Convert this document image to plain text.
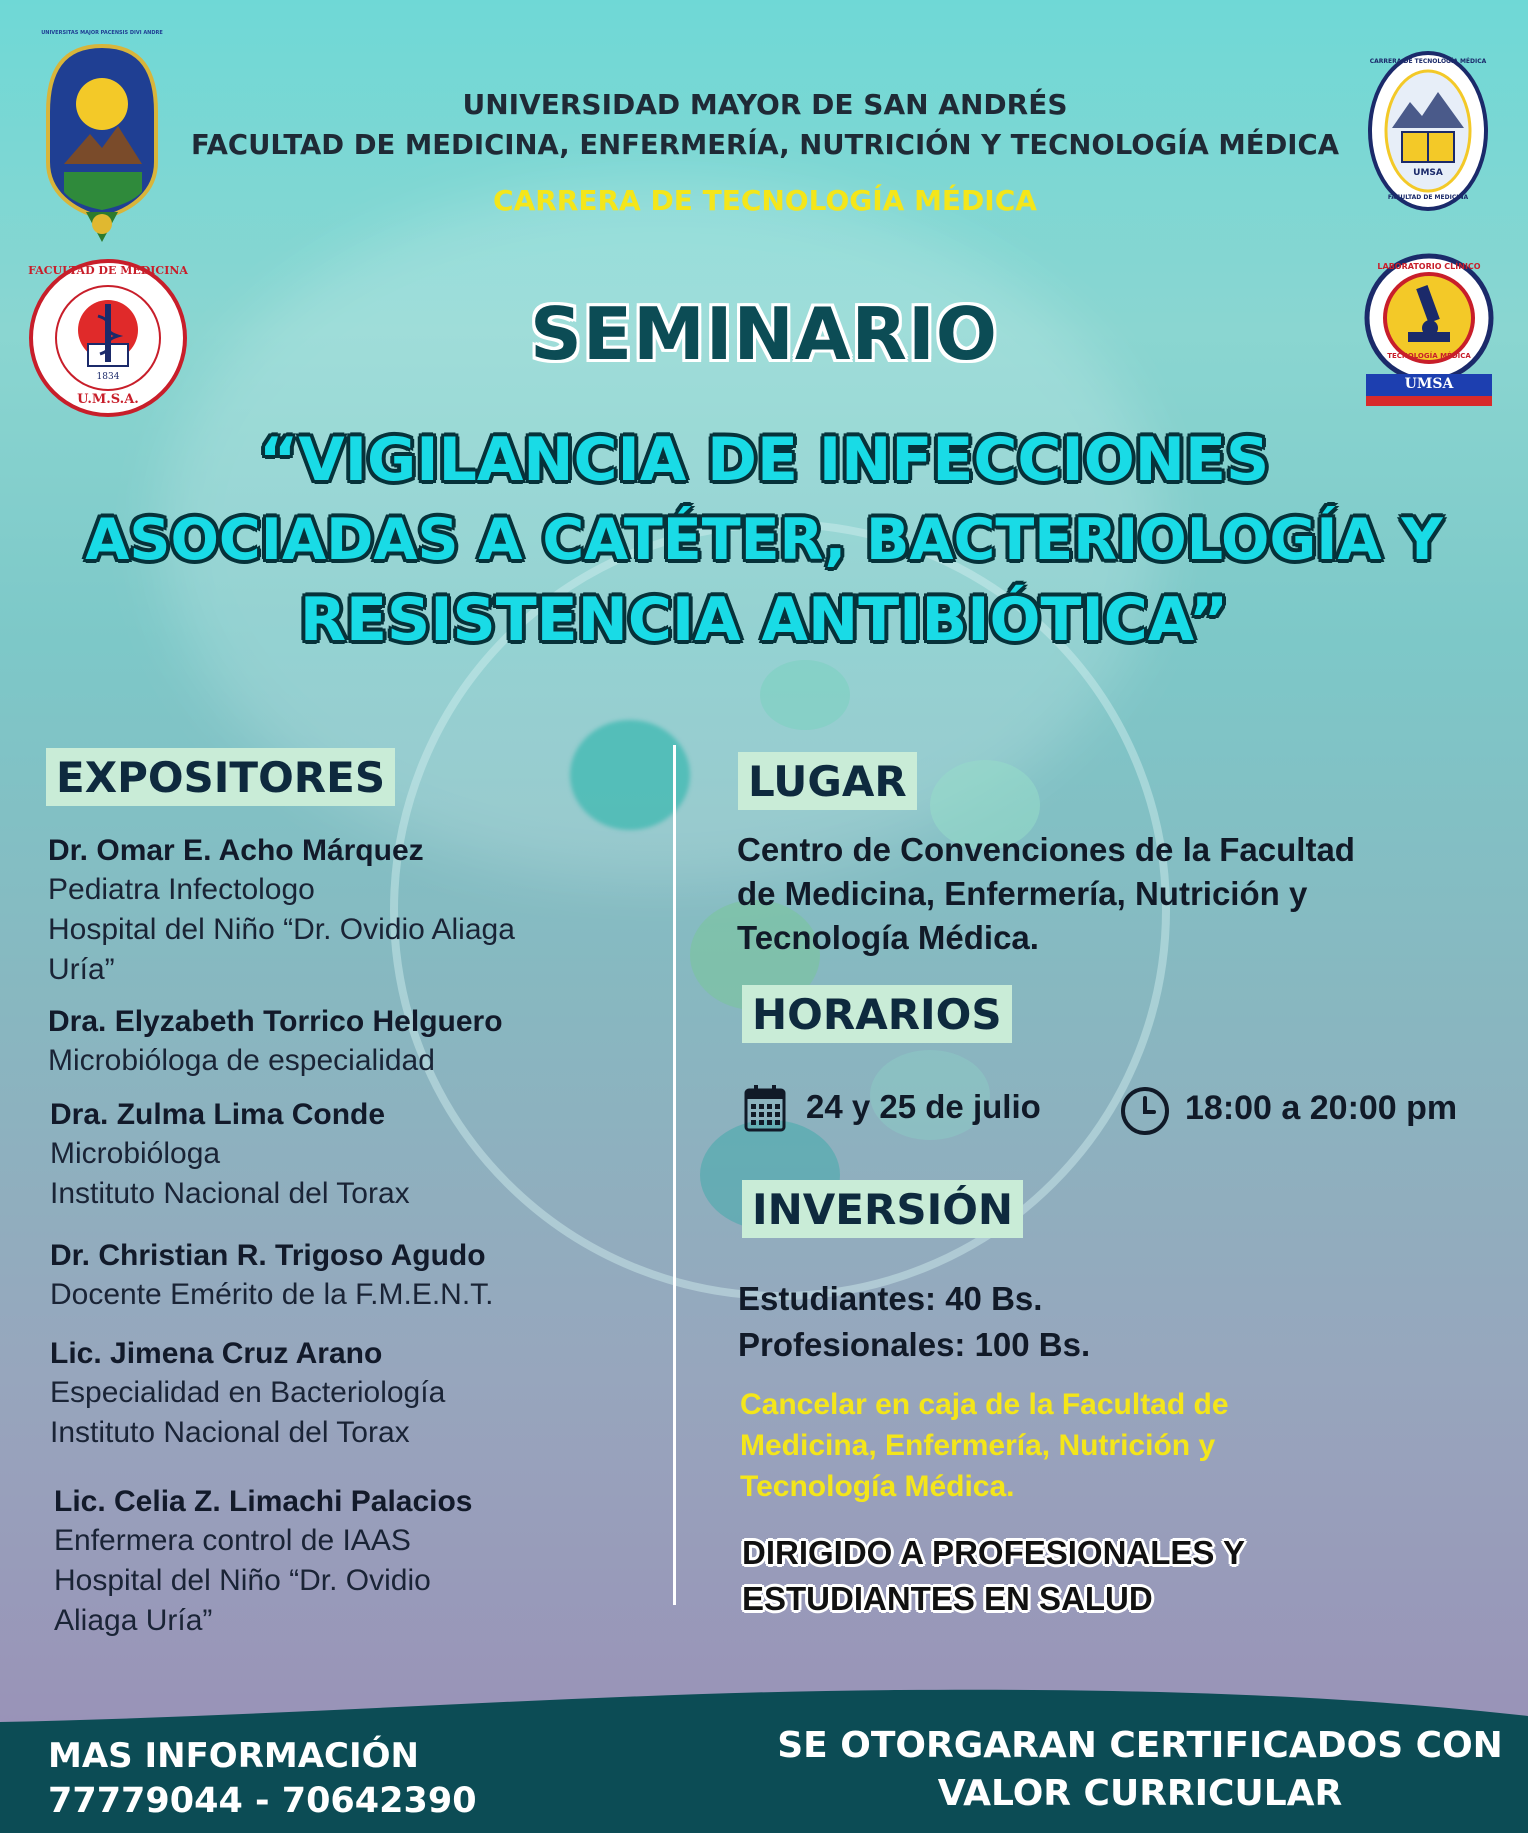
UNIVERSIDAD MAYOR DE SAN ANDRÉS
FACULTAD DE MEDICINA, ENFERMERÍA, NUTRICIÓN Y TECNOLOGÍA MÉDICA
CARRERA DE TECNOLOGÍA MÉDICA
FACULTAD DE MEDICINA
1834
U.M.S.A.
CARRERA DE TECNOLOGÍA MÉDICA
UMSA
FACULTAD DE MEDICINA
LABORATORIO CLÍNICO
TECNOLOGÍA MÉDICA
UMSA
SEMINARIO
“VIGILANCIA DE INFECCIONES
ASOCIADAS A CATÉTER, BACTERIOLOGÍA Y
RESISTENCIA ANTIBIÓTICA”
EXPOSITORES
Dr. Omar E. Acho Márquez
Pediatra Infectologo
Hospital del Niño “Dr. Ovidio Aliaga
Uría”
Dra. Elyzabeth Torrico Helguero
Microbióloga de especialidad
Dra. Zulma Lima Conde
Microbióloga
Instituto Nacional del Torax
Dr. Christian R. Trigoso Agudo
Docente Emérito de la F.M.E.N.T.
Lic. Jimena Cruz Arano
Especialidad en Bacteriología
Instituto Nacional del Torax
Lic. Celia Z. Limachi Palacios
Enfermera control de IAAS
Hospital del Niño “Dr. Ovidio
Aliaga Uría”
LUGAR
Centro de Convenciones de la Facultad
de Medicina, Enfermería, Nutrición y
Tecnología Médica.
HORARIOS
24 y 25 de julio	18:00 a 20:00 pm
INVERSIÓN
Estudiantes: 40 Bs.
Profesionales: 100 Bs.
Cancelar en caja de la Facultad de
Medicina, Enfermería, Nutrición y
Tecnología Médica.
DIRIGIDO A PROFESIONALES Y
ESTUDIANTES EN SALUD
MAS INFORMACIÓN
77779044 - 70642390
SE OTORGARAN CERTIFICADOS CON
VALOR CURRICULAR
UNIVERSITAS MAJOR PACENSIS DIVI ANDRE
